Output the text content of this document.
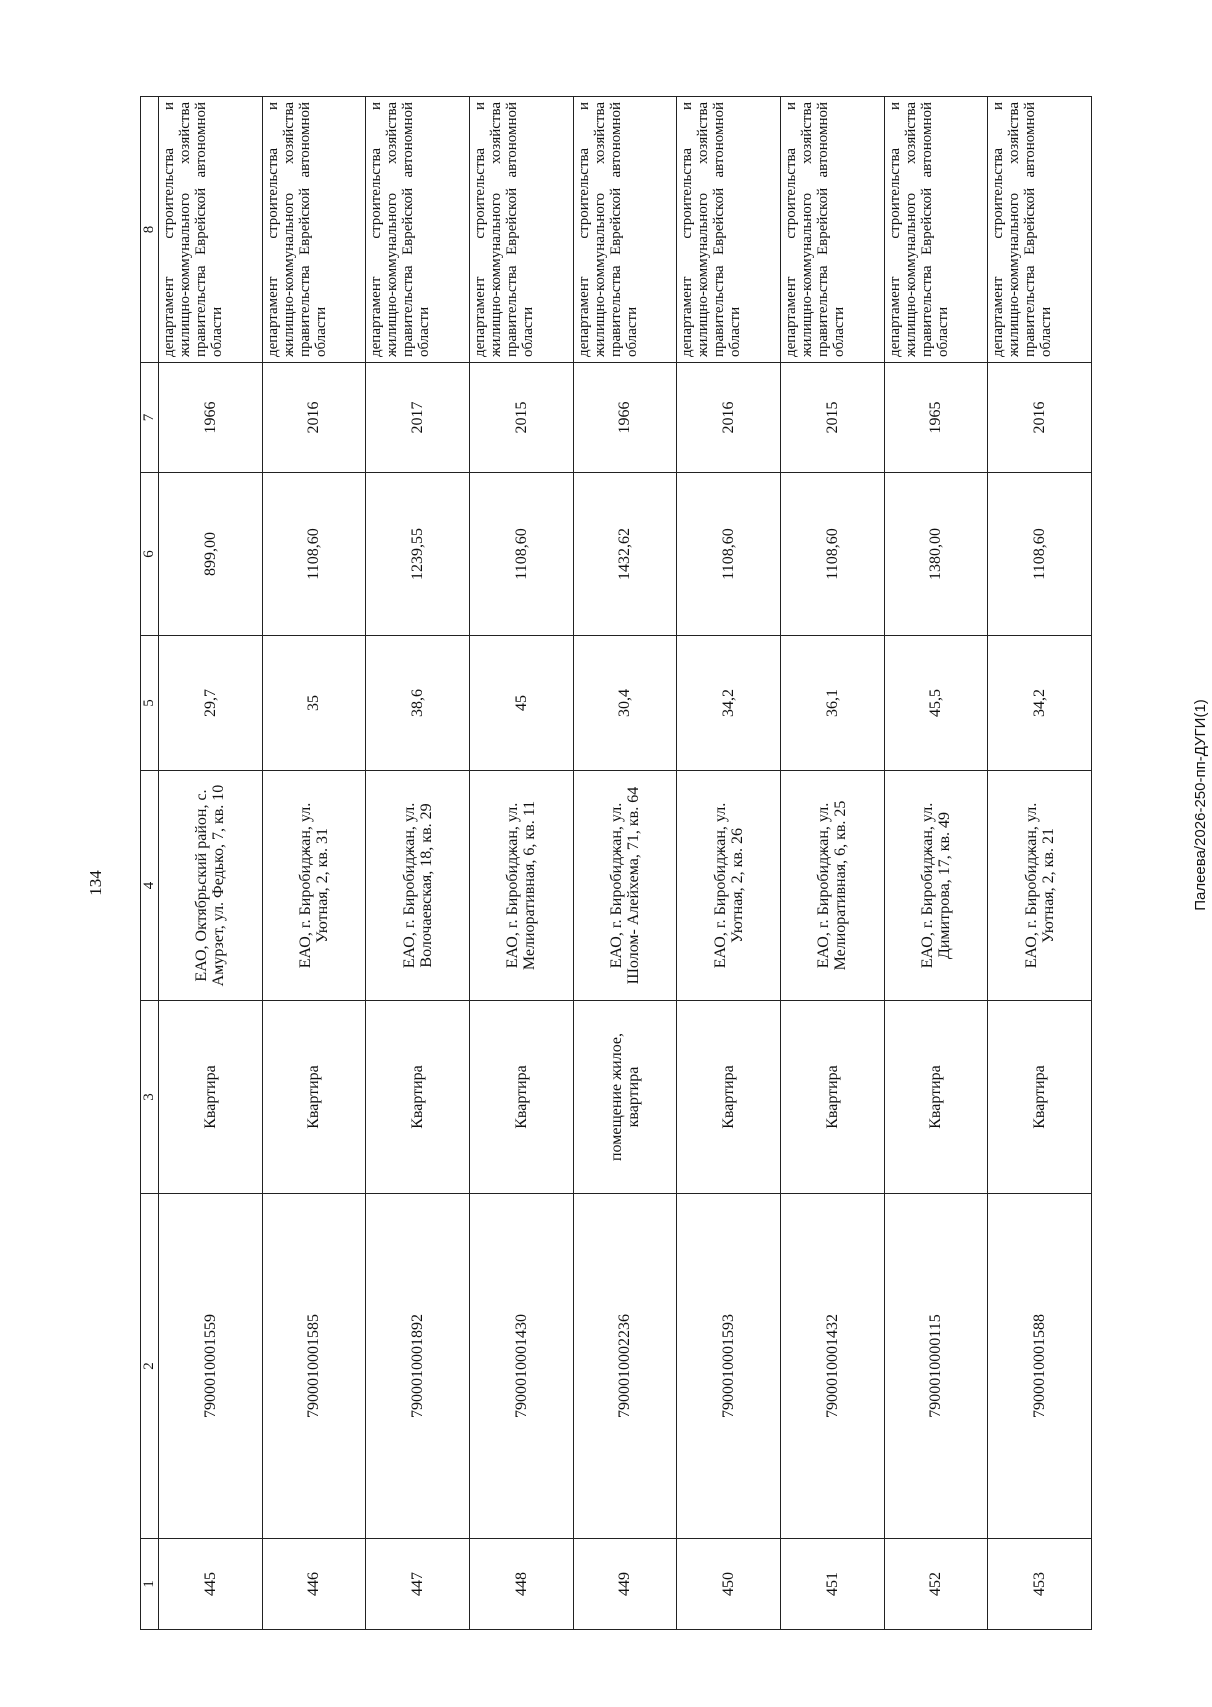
134	Палеева/2026-250-пп-ДУГИ(1)
1	2	3	4	5	6	7	8
445	7900010001559	Квартира	ЕАО, Октябрьский район, с. Амурзет, ул. Федько, 7, кв. 10	29,7	899,00	1966	департамент строительства и жилищно-коммунального хозяйства правительства Еврейской автономной области
446	7900010001585	Квартира	ЕАО, г. Биробиджан, ул. Уютная, 2, кв. 31	35	1108,60	2016	департамент строительства и жилищно-коммунального хозяйства правительства Еврейской автономной области
447	7900010001892	Квартира	ЕАО, г. Биробиджан, ул. Волочаевская, 18, кв. 29	38,6	1239,55	2017	департамент строительства и жилищно-коммунального хозяйства правительства Еврейской автономной области
448	7900010001430	Квартира	ЕАО, г. Биробиджан, ул. Мелиоративная, 6, кв. 11	45	1108,60	2015	департамент строительства и жилищно-коммунального хозяйства правительства Еврейской автономной области
449	7900010002236	помещение жилое, квартира	ЕАО, г. Биробиджан, ул. Шолом- Алейхема, 71, кв. 64	30,4	1432,62	1966	департамент строительства и жилищно-коммунального хозяйства правительства Еврейской автономной области
450	7900010001593	Квартира	ЕАО, г. Биробиджан, ул. Уютная, 2, кв. 26	34,2	1108,60	2016	департамент строительства и жилищно-коммунального хозяйства правительства Еврейской автономной области
451	7900010001432	Квартира	ЕАО, г. Биробиджан, ул. Мелиоративная, 6, кв. 25	36,1	1108,60	2015	департамент строительства и жилищно-коммунального хозяйства правительства Еврейской автономной области
452	7900010000115	Квартира	ЕАО, г. Биробиджан, ул. Димитрова, 17, кв. 49	45,5	1380,00	1965	департамент строительства и жилищно-коммунального хозяйства правительства Еврейской автономной области
453	7900010001588	Квартира	ЕАО, г. Биробиджан, ул. Уютная, 2, кв. 21	34,2	1108,60	2016	департамент строительства и жилищно-коммунального хозяйства правительства Еврейской автономной области
